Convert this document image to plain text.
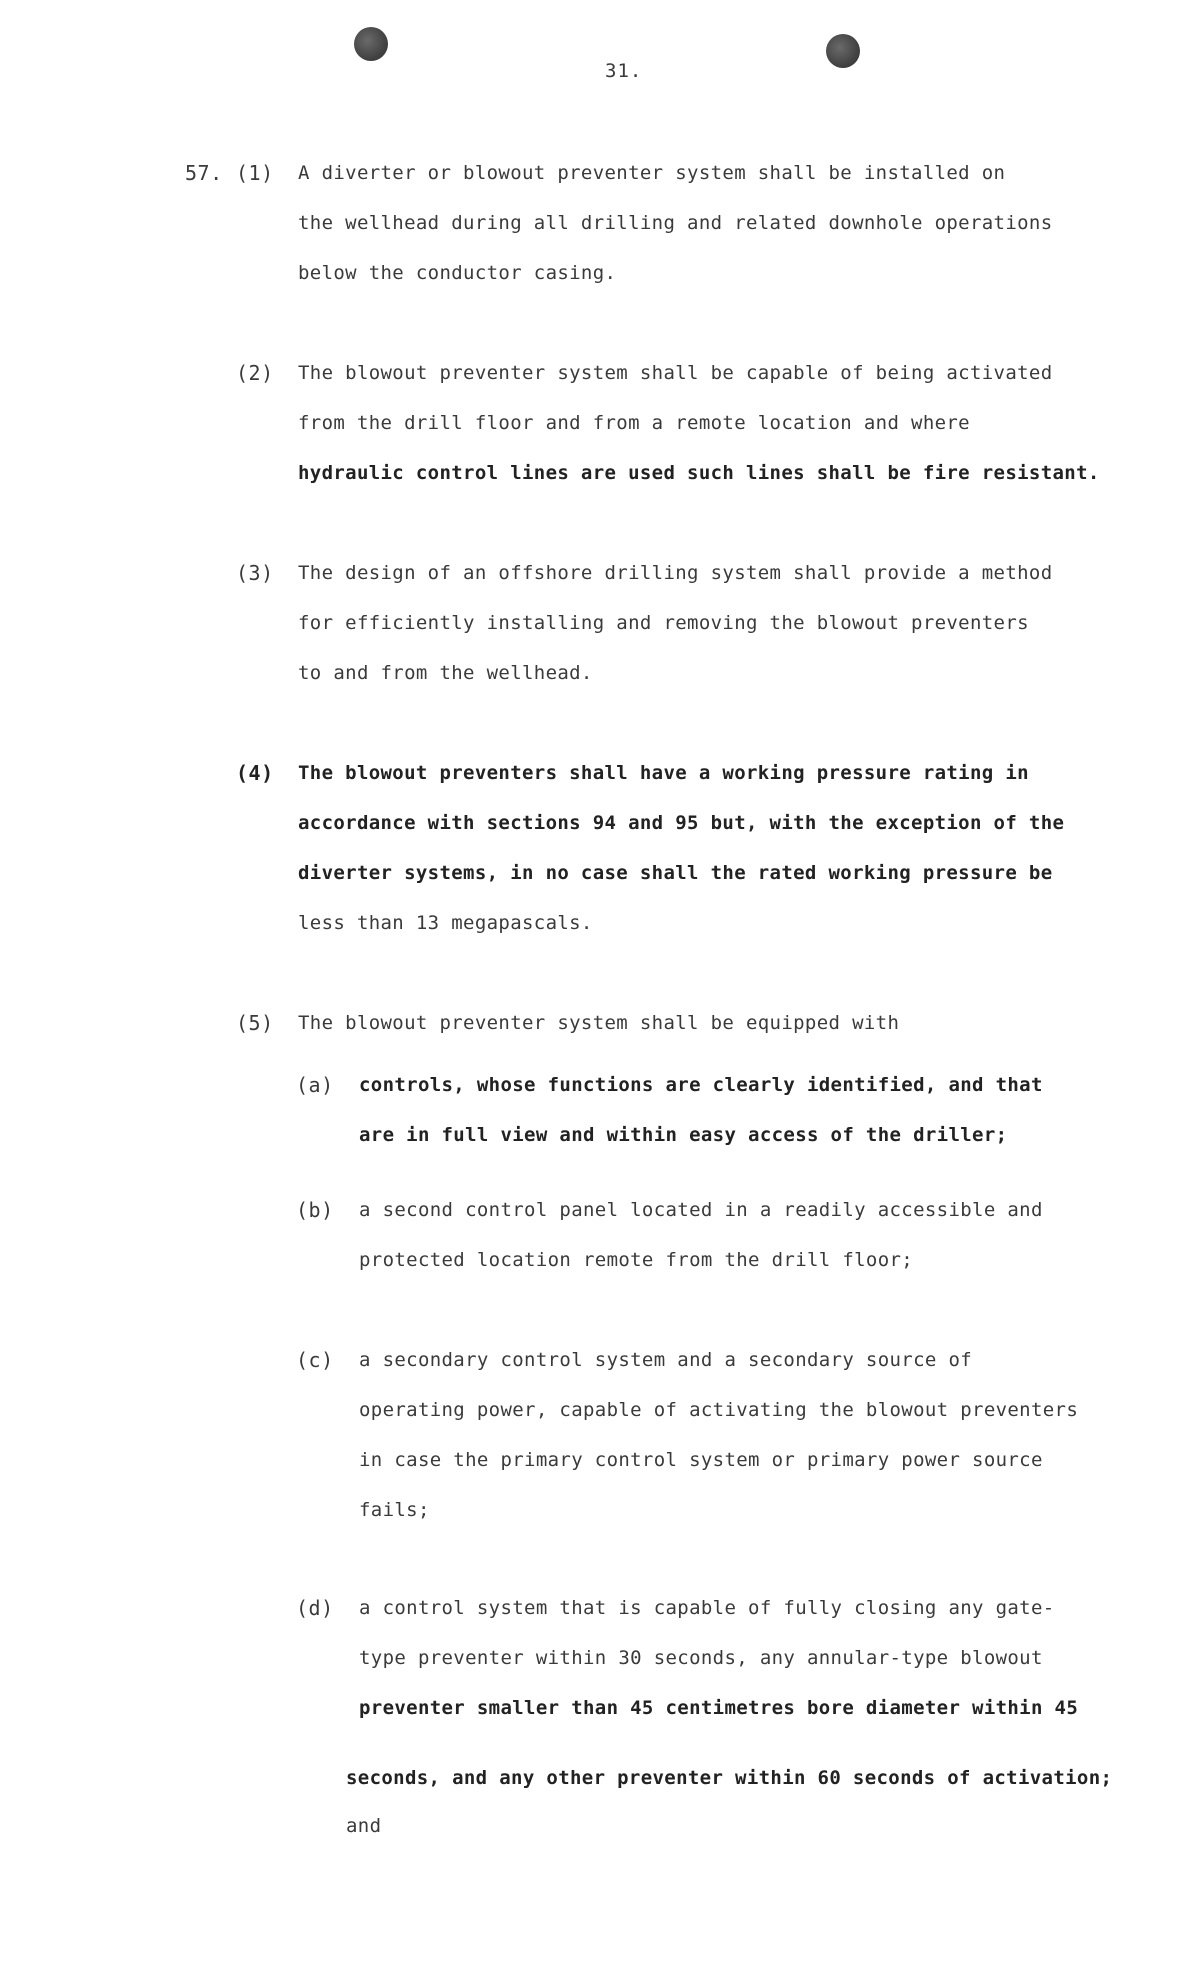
31.
57. (1) A diverter or blowout preventer system shall be installed on
the wellhead during all drilling and related downhole operations
below the conductor casing.
(2) The blowout preventer system shall be capable of being activated
from the drill floor and from a remote location and where
hydraulic control lines are used such lines shall be fire resistant.
(3) The design of an offshore drilling system shall provide a method
for efficiently installing and removing the blowout preventers
to and from the wellhead.
(4) The blowout preventers shall have a working pressure rating in
accordance with sections 94 and 95 but, with the exception of the
diverter systems, in no case shall the rated working pressure be
less than 13 megapascals.
(5) The blowout preventer system shall be equipped with
(a) controls, whose functions are clearly identified, and that
are in full view and within easy access of the driller;
(b) a second control panel located in a readily accessible and
protected location remote from the drill floor;
(c) a secondary control system and a secondary source of
operating power, capable of activating the blowout preventers
in case the primary control system or primary power source
fails;
(d) a control system that is capable of fully closing any gate-
type preventer within 30 seconds, any annular-type blowout
preventer smaller than 45 centimetres bore diameter within 45
seconds, and any other preventer within 60 seconds of activation;
and
